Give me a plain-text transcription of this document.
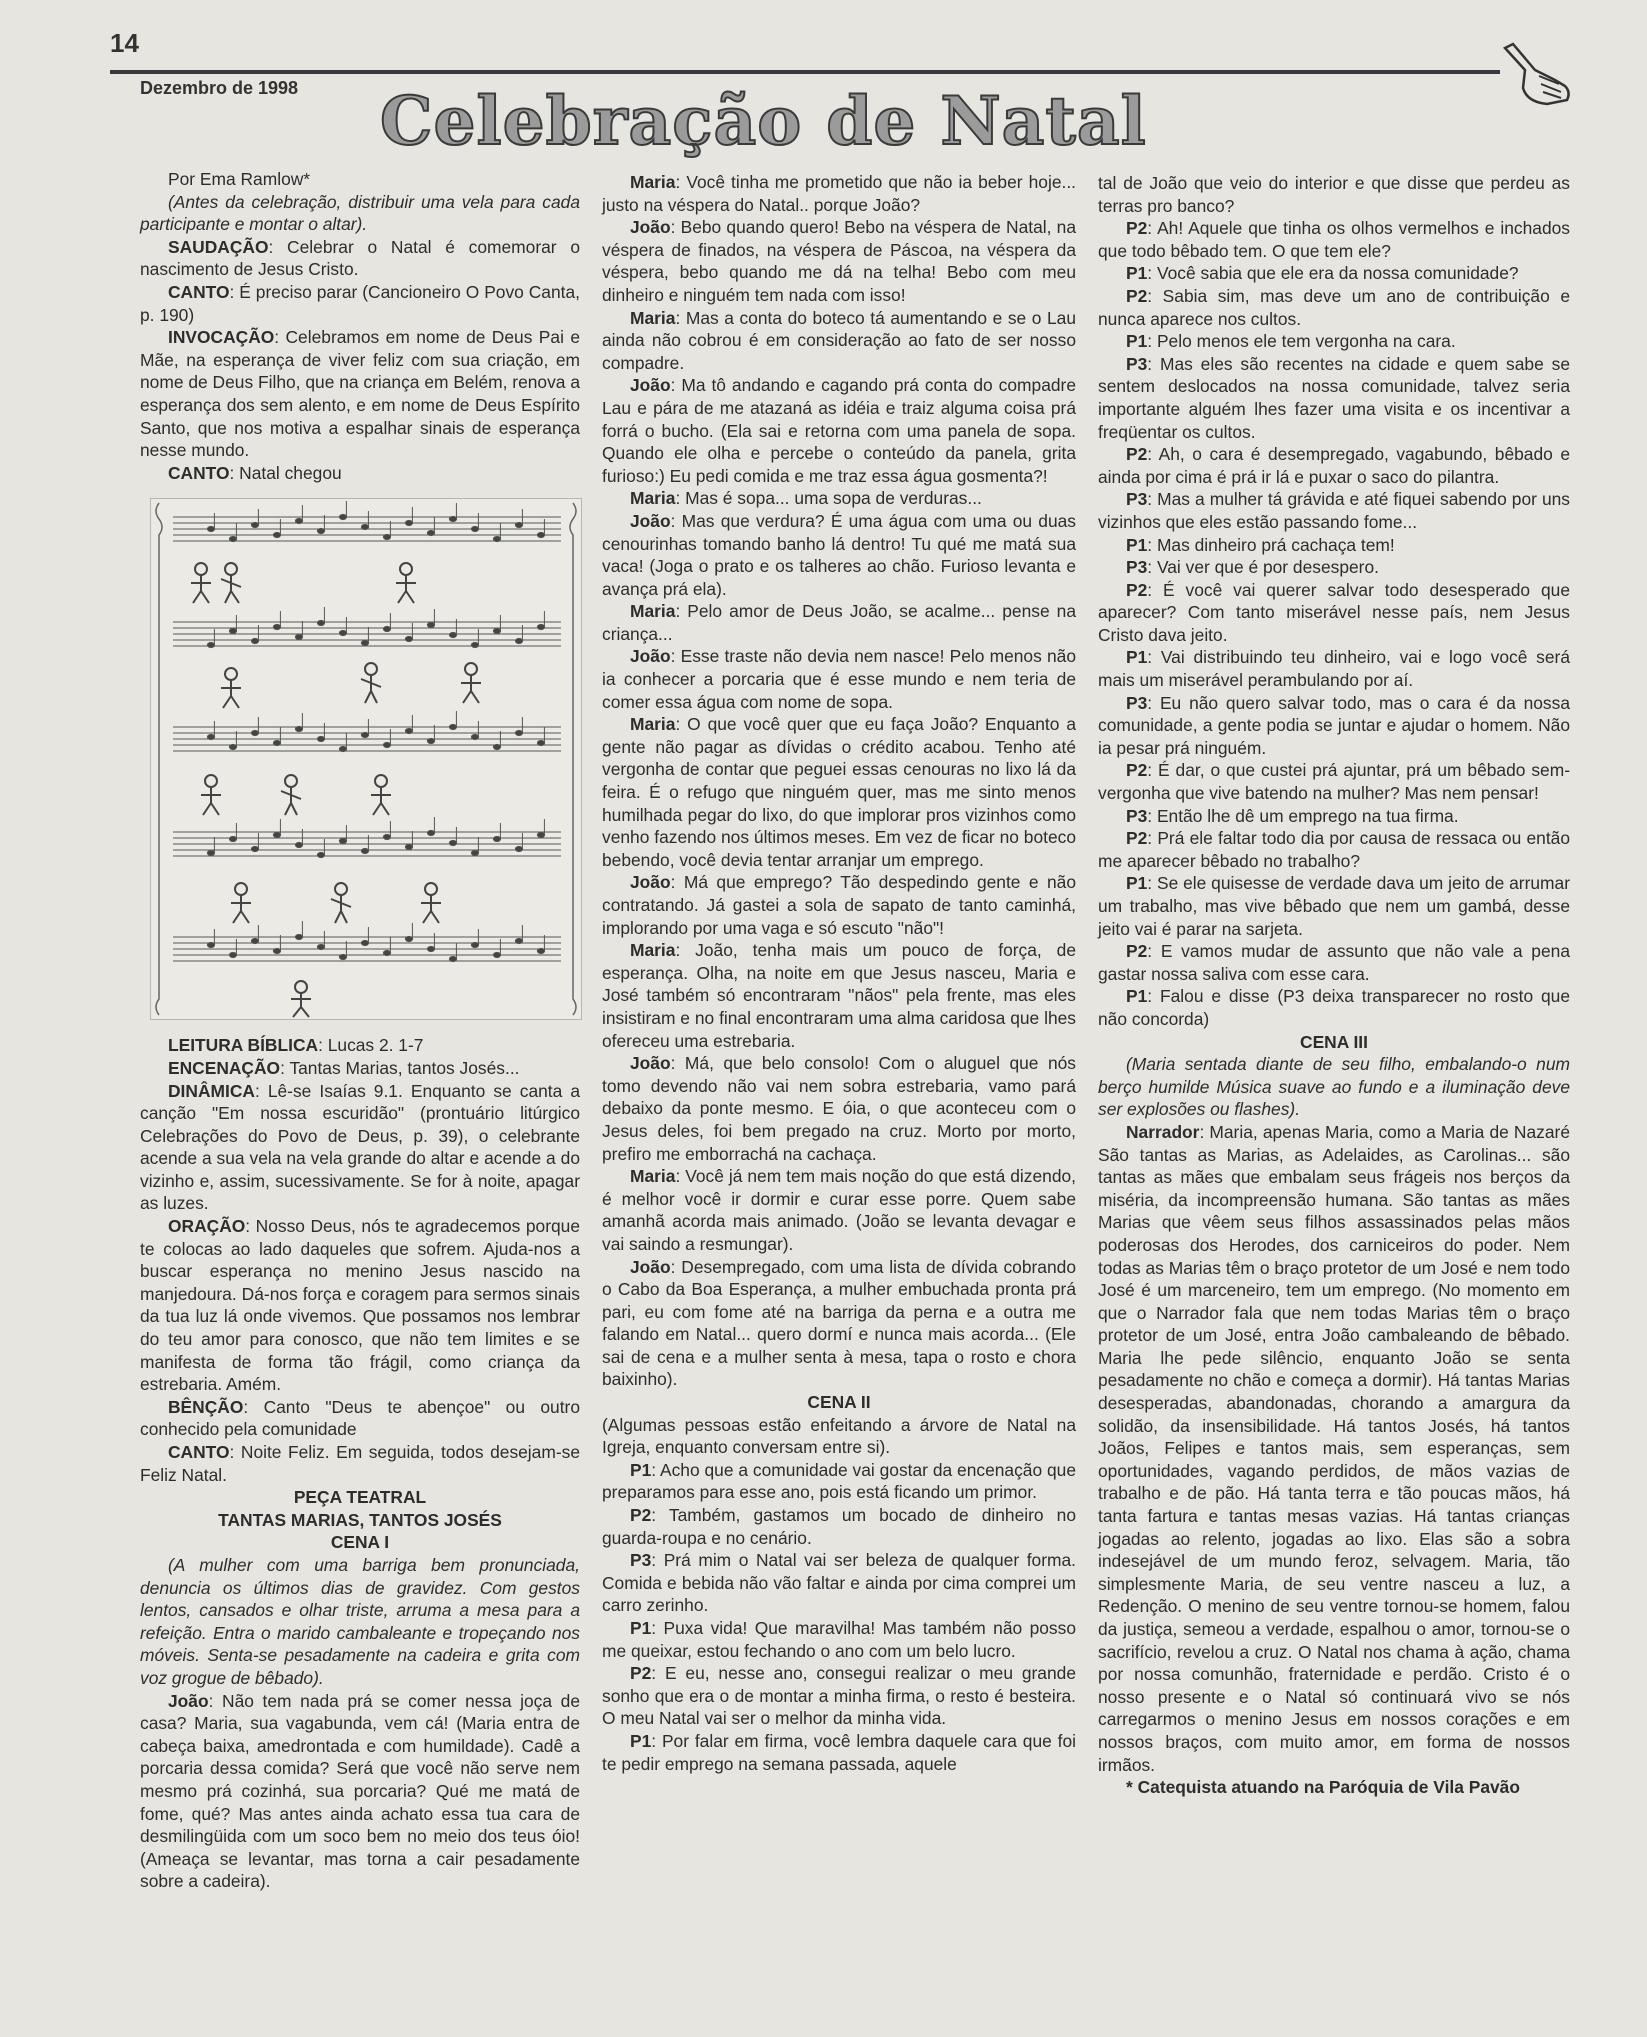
14
Dezembro de 1998 Celebração de Natal

Por Ema Ramlow*

(Antes da celebração, distribuir uma vela para cada participante e montar o altar).

SAUDAÇÃO: Celebrar o Natal é comemorar o nascimento de Jesus Cristo.

CANTO: É preciso parar (Cancioneiro O Povo Canta, p. 190)

INVOCAÇÃO: Celebramos em nome de Deus Pai e Mãe, na esperança de viver feliz com sua criação, em nome de Deus Filho, que na criança em Belém, renova a esperança dos sem alento, e em nome de Deus Espírito Santo, que nos motiva a espalhar sinais de esperança nesse mundo.

CANTO: Natal chegou

LEITURA BÍBLICA: Lucas 2. 1-7

ENCENAÇÃO: Tantas Marias, tantos Josés...

DINÂMICA: Lê-se Isaías 9.1. Enquanto se canta a canção "Em nossa escuridão" (prontuário litúrgico Celebrações do Povo de Deus, p. 39), o celebrante acende a sua vela na vela grande do altar e acende a do vizinho e, assim, sucessivamente. Se for à noite, apagar as luzes.

ORAÇÃO: Nosso Deus, nós te agradecemos porque te colocas ao lado daqueles que sofrem. Ajuda-nos a buscar esperança no menino Jesus nascido na manjedoura. Dá-nos força e coragem para sermos sinais da tua luz lá onde vivemos. Que possamos nos lembrar do teu amor para conosco, que não tem limites e se manifesta de forma tão frágil, como criança da estrebaria. Amém.

BÊNÇÃO: Canto "Deus te abençoe" ou outro conhecido pela comunidade

CANTO: Noite Feliz. Em seguida, todos desejam-se Feliz Natal.

PEÇA TEATRAL

TANTAS MARIAS, TANTOS JOSÉS

CENA I

(A mulher com uma barriga bem pronunciada, denuncia os últimos dias de gravidez. Com gestos lentos, cansados e olhar triste, arruma a mesa para a refeição. Entra o marido cambaleante e tropeçando nos móveis. Senta-se pesadamente na cadeira e grita com voz grogue de bêbado).

João: Não tem nada prá se comer nessa joça de casa? Maria, sua vagabunda, vem cá! (Maria entra de cabeça baixa, amedrontada e com humildade). Cadê a porcaria dessa comida? Será que você não serve nem mesmo prá cozinhá, sua porcaria? Qué me matá de fome, qué? Mas antes ainda achato essa tua cara de desmilingüida com um soco bem no meio dos teus óio! (Ameaça se levantar, mas torna a cair pesadamente sobre a cadeira).

Maria: Você tinha me prometido que não ia beber hoje... justo na véspera do Natal.. porque João?

João: Bebo quando quero! Bebo na véspera de Natal, na véspera de finados, na véspera de Páscoa, na véspera da véspera, bebo quando me dá na telha! Bebo com meu dinheiro e ninguém tem nada com isso!

Maria: Mas a conta do boteco tá aumentando e se o Lau ainda não cobrou é em consideração ao fato de ser nosso compadre.

João: Ma tô andando e cagando prá conta do compadre Lau e pára de me atazaná as idéia e traiz alguma coisa prá forrá o bucho. (Ela sai e retorna com uma panela de sopa. Quando ele olha e percebe o conteúdo da panela, grita furioso:) Eu pedi comida e me traz essa água gosmenta?!

Maria: Mas é sopa... uma sopa de verduras...

João: Mas que verdura? É uma água com uma ou duas cenourinhas tomando banho lá dentro! Tu qué me matá sua vaca! (Joga o prato e os talheres ao chão. Furioso levanta e avança prá ela).

Maria: Pelo amor de Deus João, se acalme... pense na criança...

João: Esse traste não devia nem nasce! Pelo menos não ia conhecer a porcaria que é esse mundo e nem teria de comer essa água com nome de sopa.

Maria: O que você quer que eu faça João? Enquanto a gente não pagar as dívidas o crédito acabou. Tenho até vergonha de contar que peguei essas cenouras no lixo lá da feira. É o refugo que ninguém quer, mas me sinto menos humilhada pegar do lixo, do que implorar pros vizinhos como venho fazendo nos últimos meses. Em vez de ficar no boteco bebendo, você devia tentar arranjar um emprego.

João: Má que emprego? Tão despedindo gente e não contratando. Já gastei a sola de sapato de tanto caminhá, implorando por uma vaga e só escuto "não"!

Maria: João, tenha mais um pouco de força, de esperança. Olha, na noite em que Jesus nasceu, Maria e José também só encontraram "nãos" pela frente, mas eles insistiram e no final encontraram uma alma caridosa que lhes ofereceu uma estrebaria.

João: Má, que belo consolo! Com o aluguel que nós tomo devendo não vai nem sobra estrebaria, vamo pará debaixo da ponte mesmo. E óia, o que aconteceu com o Jesus deles, foi bem pregado na cruz. Morto por morto, prefiro me emborrachá na cachaça.

Maria: Você já nem tem mais noção do que está dizendo, é melhor você ir dormir e curar esse porre. Quem sabe amanhã acorda mais animado. (João se levanta devagar e vai saindo a resmungar).

João: Desempregado, com uma lista de dívida cobrando o Cabo da Boa Esperança, a mulher embuchada pronta prá pari, eu com fome até na barriga da perna e a outra me falando em Natal... quero dormí e nunca mais acorda... (Ele sai de cena e a mulher senta à mesa, tapa o rosto e chora baixinho).

CENA II

(Algumas pessoas estão enfeitando a árvore de Natal na Igreja, enquanto conversam entre si).

P1: Acho que a comunidade vai gostar da encenação que preparamos para esse ano, pois está ficando um primor.

P2: Também, gastamos um bocado de dinheiro no guarda-roupa e no cenário.

P3: Prá mim o Natal vai ser beleza de qualquer forma. Comida e bebida não vão faltar e ainda por cima comprei um carro zerinho.

P1: Puxa vida! Que maravilha! Mas também não posso me queixar, estou fechando o ano com um belo lucro.

P2: E eu, nesse ano, consegui realizar o meu grande sonho que era o de montar a minha firma, o resto é besteira. O meu Natal vai ser o melhor da minha vida.

P1: Por falar em firma, você lembra daquele cara que foi te pedir emprego na semana passada, aquele

tal de João que veio do interior e que disse que perdeu as terras pro banco?

P2: Ah! Aquele que tinha os olhos vermelhos e inchados que todo bêbado tem. O que tem ele?

P1: Você sabia que ele era da nossa comunidade?

P2: Sabia sim, mas deve um ano de contribuição e nunca aparece nos cultos.

P1: Pelo menos ele tem vergonha na cara.

P3: Mas eles são recentes na cidade e quem sabe se sentem deslocados na nossa comunidade, talvez seria importante alguém lhes fazer uma visita e os incentivar a freqüentar os cultos.

P2: Ah, o cara é desempregado, vagabundo, bêbado e ainda por cima é prá ir lá e puxar o saco do pilantra.

P3: Mas a mulher tá grávida e até fiquei sabendo por uns vizinhos que eles estão passando fome...

P1: Mas dinheiro prá cachaça tem!

P3: Vai ver que é por desespero.

P2: É você vai querer salvar todo desesperado que aparecer? Com tanto miserável nesse país, nem Jesus Cristo dava jeito.

P1: Vai distribuindo teu dinheiro, vai e logo você será mais um miserável perambulando por aí.

P3: Eu não quero salvar todo, mas o cara é da nossa comunidade, a gente podia se juntar e ajudar o homem. Não ia pesar prá ninguém.

P2: É dar, o que custei prá ajuntar, prá um bêbado sem-vergonha que vive batendo na mulher? Mas nem pensar!

P3: Então lhe dê um emprego na tua firma.

P2: Prá ele faltar todo dia por causa de ressaca ou então me aparecer bêbado no trabalho?

P1: Se ele quisesse de verdade dava um jeito de arrumar um trabalho, mas vive bêbado que nem um gambá, desse jeito vai é parar na sarjeta.

P2: E vamos mudar de assunto que não vale a pena gastar nossa saliva com esse cara.

P1: Falou e disse (P3 deixa transparecer no rosto que não concorda)

CENA III

(Maria sentada diante de seu filho, embalando-o num berço humilde Música suave ao fundo e a iluminação deve ser explosões ou flashes).

Narrador: Maria, apenas Maria, como a Maria de Nazaré São tantas as Marias, as Adelaides, as Carolinas... são tantas as mães que embalam seus frágeis nos berços da miséria, da incompreensão humana. São tantas as mães Marias que vêem seus filhos assassinados pelas mãos poderosas dos Herodes, dos carniceiros do poder. Nem todas as Marias têm o braço protetor de um José e nem todo José é um marceneiro, tem um emprego. (No momento em que o Narrador fala que nem todas Marias têm o braço protetor de um José, entra João cambaleando de bêbado. Maria lhe pede silêncio, enquanto João se senta pesadamente no chão e começa a dormir). Há tantas Marias desesperadas, abandonadas, chorando a amargura da solidão, da insensibilidade. Há tantos Josés, há tantos Joãos, Felipes e tantos mais, sem esperanças, sem oportunidades, vagando perdidos, de mãos vazias de trabalho e de pão. Há tanta terra e tão poucas mãos, há tanta fartura e tantas mesas vazias. Há tantas crianças jogadas ao relento, jogadas ao lixo. Elas são a sobra indesejável de um mundo feroz, selvagem. Maria, tão simplesmente Maria, de seu ventre nasceu a luz, a Redenção. O menino de seu ventre tornou-se homem, falou da justiça, semeou a verdade, espalhou o amor, tornou-se o sacrifício, revelou a cruz. O Natal nos chama à ação, chama por nossa comunhão, fraternidade e perdão. Cristo é o nosso presente e o Natal só continuará vivo se nós carregarmos o menino Jesus em nossos corações e em nossos braços, com muito amor, em forma de nossos irmãos.

* Catequista atuando na Paróquia de Vila Pavão
